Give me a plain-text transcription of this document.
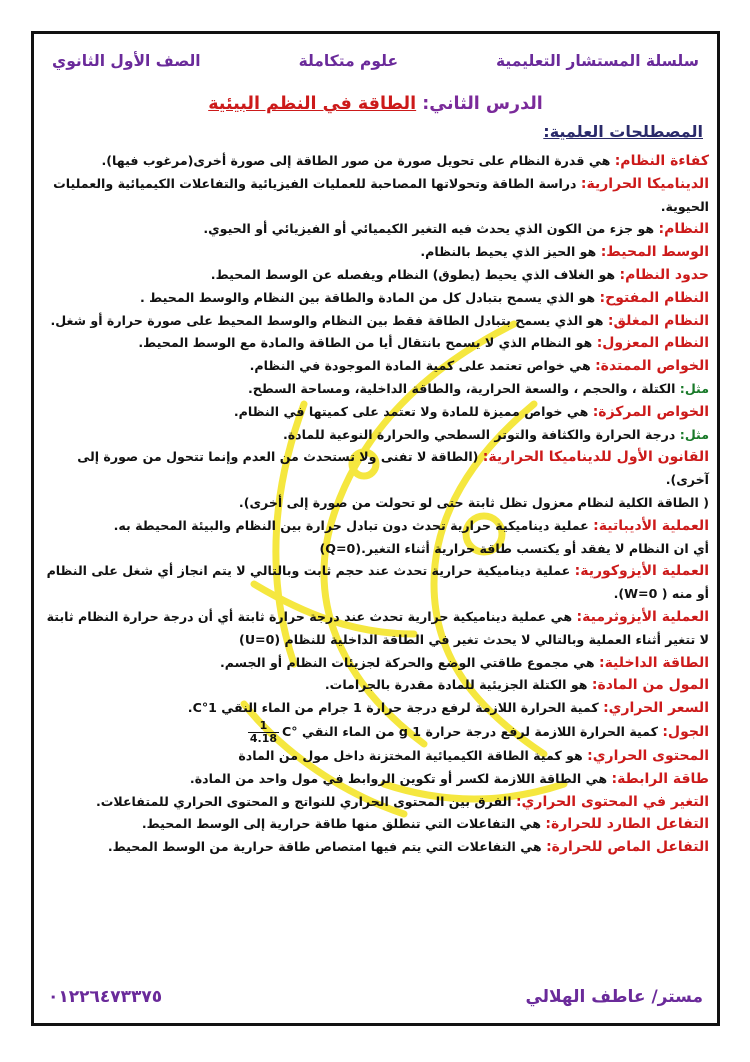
سلسلة المستشار التعليمية
علوم متكاملة
الصف الأول الثانوي
الدرس الثاني: الطاقة في النظم البيئية
المصطلحات العلمية:

كفاءة النظام: هي قدرة النظام على تحويل صورة من صور الطاقة إلى صورة أخرى(مرغوب فيها).

الديناميكا الحرارية: دراسة الطاقة وتحولاتها المصاحبة للعمليات الفيزيائية والتفاعلات الكيميائية والعمليات الحيوية.

النظام: هو جزء من الكون الذي يحدث فيه التغير الكيميائي أو الفيزيائي أو الحيوي.

الوسط المحيط: هو الحيز الذي يحيط بالنظام.

حدود النظام: هو الغلاف الذي يحيط (يطوق) النظام ويفصله عن الوسط المحيط.

النظام المفتوح: هو الذي يسمح بتبادل كل من المادة والطاقة بين النظام والوسط المحيط .

النظام المغلق: هو الذي يسمح بتبادل الطاقة فقط بين النظام والوسط المحيط على صورة حرارة أو شغل.

النظام المعزول: هو النظام الذي لا يسمح بانتقال أيا من الطاقة والمادة مع الوسط المحيط.

الخواص الممتدة: هي خواص تعتمد على كمية المادة الموجودة في النظام.

مثل: الكتلة ، والحجم ، والسعة الحرارية، والطاقة الداخلية، ومساحة السطح.

الخواص المركزة: هي خواص مميزة للمادة ولا تعتمد على كميتها في النظام.

مثل: درجة الحرارة والكثافة والتوتر السطحي والحرارة النوعية للمادة.

القانون الأول للديناميكا الحرارية: (الطاقة لا تفنى ولا تستحدث من العدم وإنما تتحول من صورة إلى آخرى).

( الطاقة الكلية لنظام معزول تظل ثابتة حتى لو تحولت من صورة إلى أخرى).

العملية الأديباتية: عملية ديناميكية حرارية تحدث دون تبادل حرارة بين النظام والبيئة المحيطة به.

أي ان النظام لا يفقد أو يكتسب طاقة حرارية أثناء التغير.(Q=0)

العملية الأيزوكورية: عملية ديناميكية حرارية تحدث عند حجم ثابت وبالتالي لا يتم انجاز أي شغل على النظام أو منه ( W=0).

العملية الأيزوثرمية: هي عملية ديناميكية حرارية تحدث عند درجة حرارة ثابتة أي أن درجة حرارة النظام ثابتة لا تتغير أثناء العملية وبالتالي لا يحدث تغير في الطاقة الداخلية للنظام (U=0)

الطاقة الداخلية: هي مجموع طاقتي الوضع والحركة لجزيئات النظام أو الجسم.

المول من المادة: هو الكتلة الجزيئية للمادة مقدرة بالجرامات.

السعر الحراري: كمية الحرارة اللازمة لرفع درجة حرارة 1 جرام من الماء النقي 1°C.

الجول: كمية الحرارة اللازمة لرفع درجة حرارة g 1 من الماء النقي °C
$\frac{1}{4.18}$

المحتوى الحراري: هو كمية الطاقة الكيميائية المختزنة داخل مول من المادة

طاقة الرابطة: هي الطاقة اللازمة لكسر أو تكوين الروابط في مول واحد من المادة.

التغير في المحتوى الحراري: الفرق بين المحتوى الحراري للنواتج و المحتوى الحراري للمتفاعلات.

التفاعل الطارد للحرارة: هي التفاعلات التي تنطلق منها طاقة حرارية إلى الوسط المحيط.

التفاعل الماص للحرارة: هي التفاعلات التي يتم فيها امتصاص طاقة حرارية من الوسط المحيط.

مستر/ عاطف الهلالي
٠١٢٢٦٤٧٣٣٧٥
